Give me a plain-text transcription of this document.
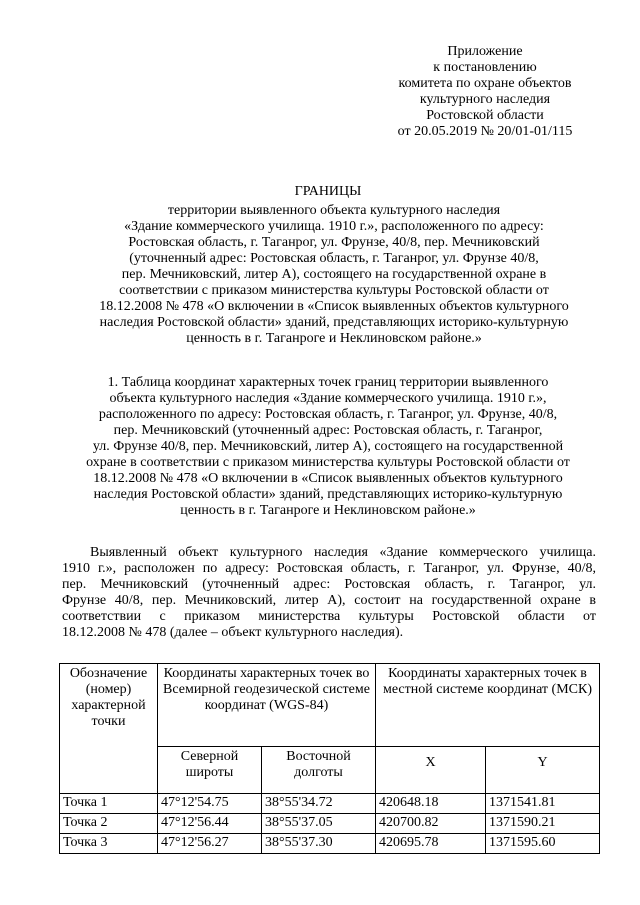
Приложение
к постановлению
комитета по охране объектов
культурного наследия
Ростовской области
от 20.05.2019 № 20/01-01/115
ГРАНИЦЫ
территории выявленного объекта культурного наследия
«Здание коммерческого училища. 1910 г.», расположенного по адресу:
Ростовская область, г. Таганрог, ул. Фрунзе, 40/8, пер. Мечниковский
(уточненный адрес: Ростовская область, г. Таганрог, ул. Фрунзе 40/8,
пер. Мечниковский, литер А), состоящего на государственной охране в
соответствии с приказом министерства культуры Ростовской области от
18.12.2008 № 478 «О включении в «Список выявленных объектов культурного
наследия Ростовской области» зданий, представляющих историко-культурную
ценность в г. Таганроге и Неклиновском районе.»
1. Таблица координат характерных точек границ территории выявленного
объекта культурного наследия «Здание коммерческого училища. 1910 г.»,
расположенного по адресу: Ростовская область, г. Таганрог, ул. Фрунзе, 40/8,
пер. Мечниковский (уточненный адрес: Ростовская область, г. Таганрог,
ул. Фрунзе 40/8, пер. Мечниковский, литер А), состоящего на государственной
охране в соответствии с приказом министерства культуры Ростовской области от
18.12.2008 № 478 «О включении в «Список выявленных объектов культурного
наследия Ростовской области» зданий, представляющих историко-культурную
ценность в г. Таганроге и Неклиновском районе.»
Выявленный объект культурного наследия «Здание коммерческого училища.
1910 г.», расположен по адресу: Ростовская область, г. Таганрог, ул. Фрунзе, 40/8,
пер. Мечниковский (уточненный адрес: Ростовская область, г. Таганрог, ул.
Фрунзе 40/8, пер. Мечниковский, литер А), состоит на государственной охране в
соответствии с приказом министерства культуры Ростовской области от
18.12.2008 № 478 (далее – объект культурного наследия).
Обозначение (номер) характерной точки	Координаты характерных точек во Всемирной геодезической системе координат (WGS-84)		Координаты характерных точек в местной системе координат (МСК)	
	Северной широты	Восточной долготы	X	Y
Точка 1	47°12'54.75	38°55'34.72	420648.18	1371541.81
Точка 2	47°12'56.44	38°55'37.05	420700.82	1371590.21
Точка 3	47°12'56.27	38°55'37.30	420695.78	1371595.60
